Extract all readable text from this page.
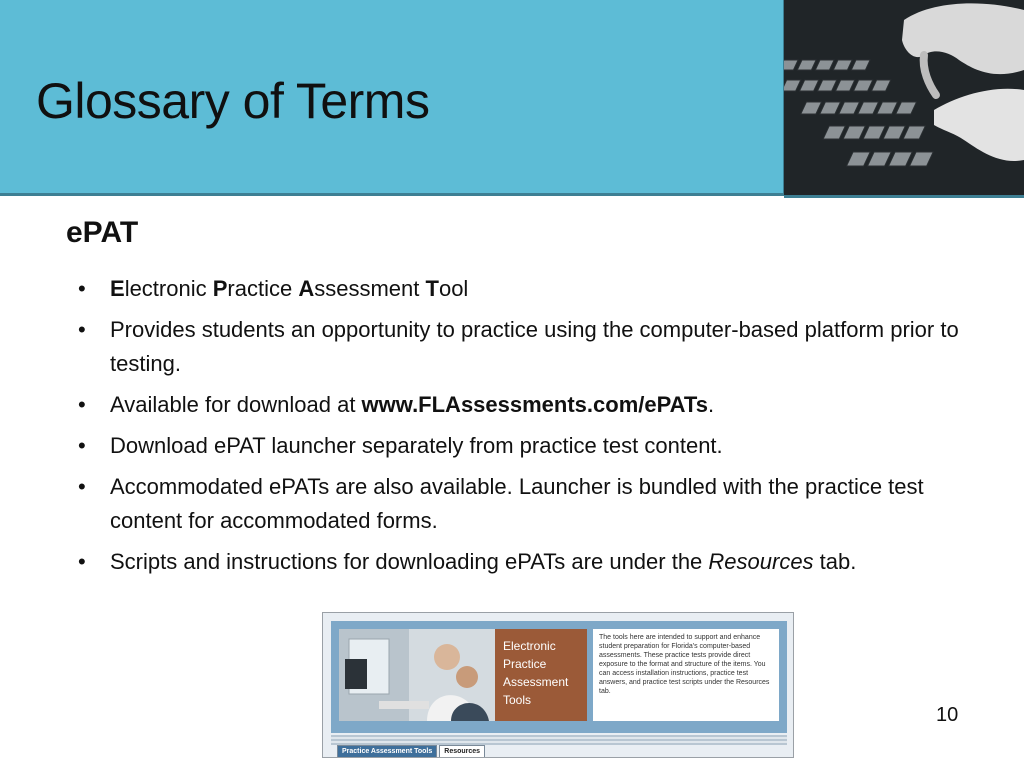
Glossary of Terms
ePAT
• Electronic Practice Assessment Tool
• Provides students an opportunity to practice using the computer-based platform prior to testing.
• Available for download at www.FLAssessments.com/ePATs.
• Download ePAT launcher separately from practice test content.
• Accommodated ePATs are also available. Launcher is bundled with the practice test content for accommodated forms.
• Scripts and instructions for downloading ePATs are under the Resources tab.
Electronic
Practice
Assessment
Tools
The tools here are intended to support and enhance student preparation for Florida's computer-based assessments. These practice tests provide direct exposure to the format and structure of the items. You can access installation instructions, practice test answers, and practice test scripts under the Resources tab.
Practice Assessment Tools Resources
10
